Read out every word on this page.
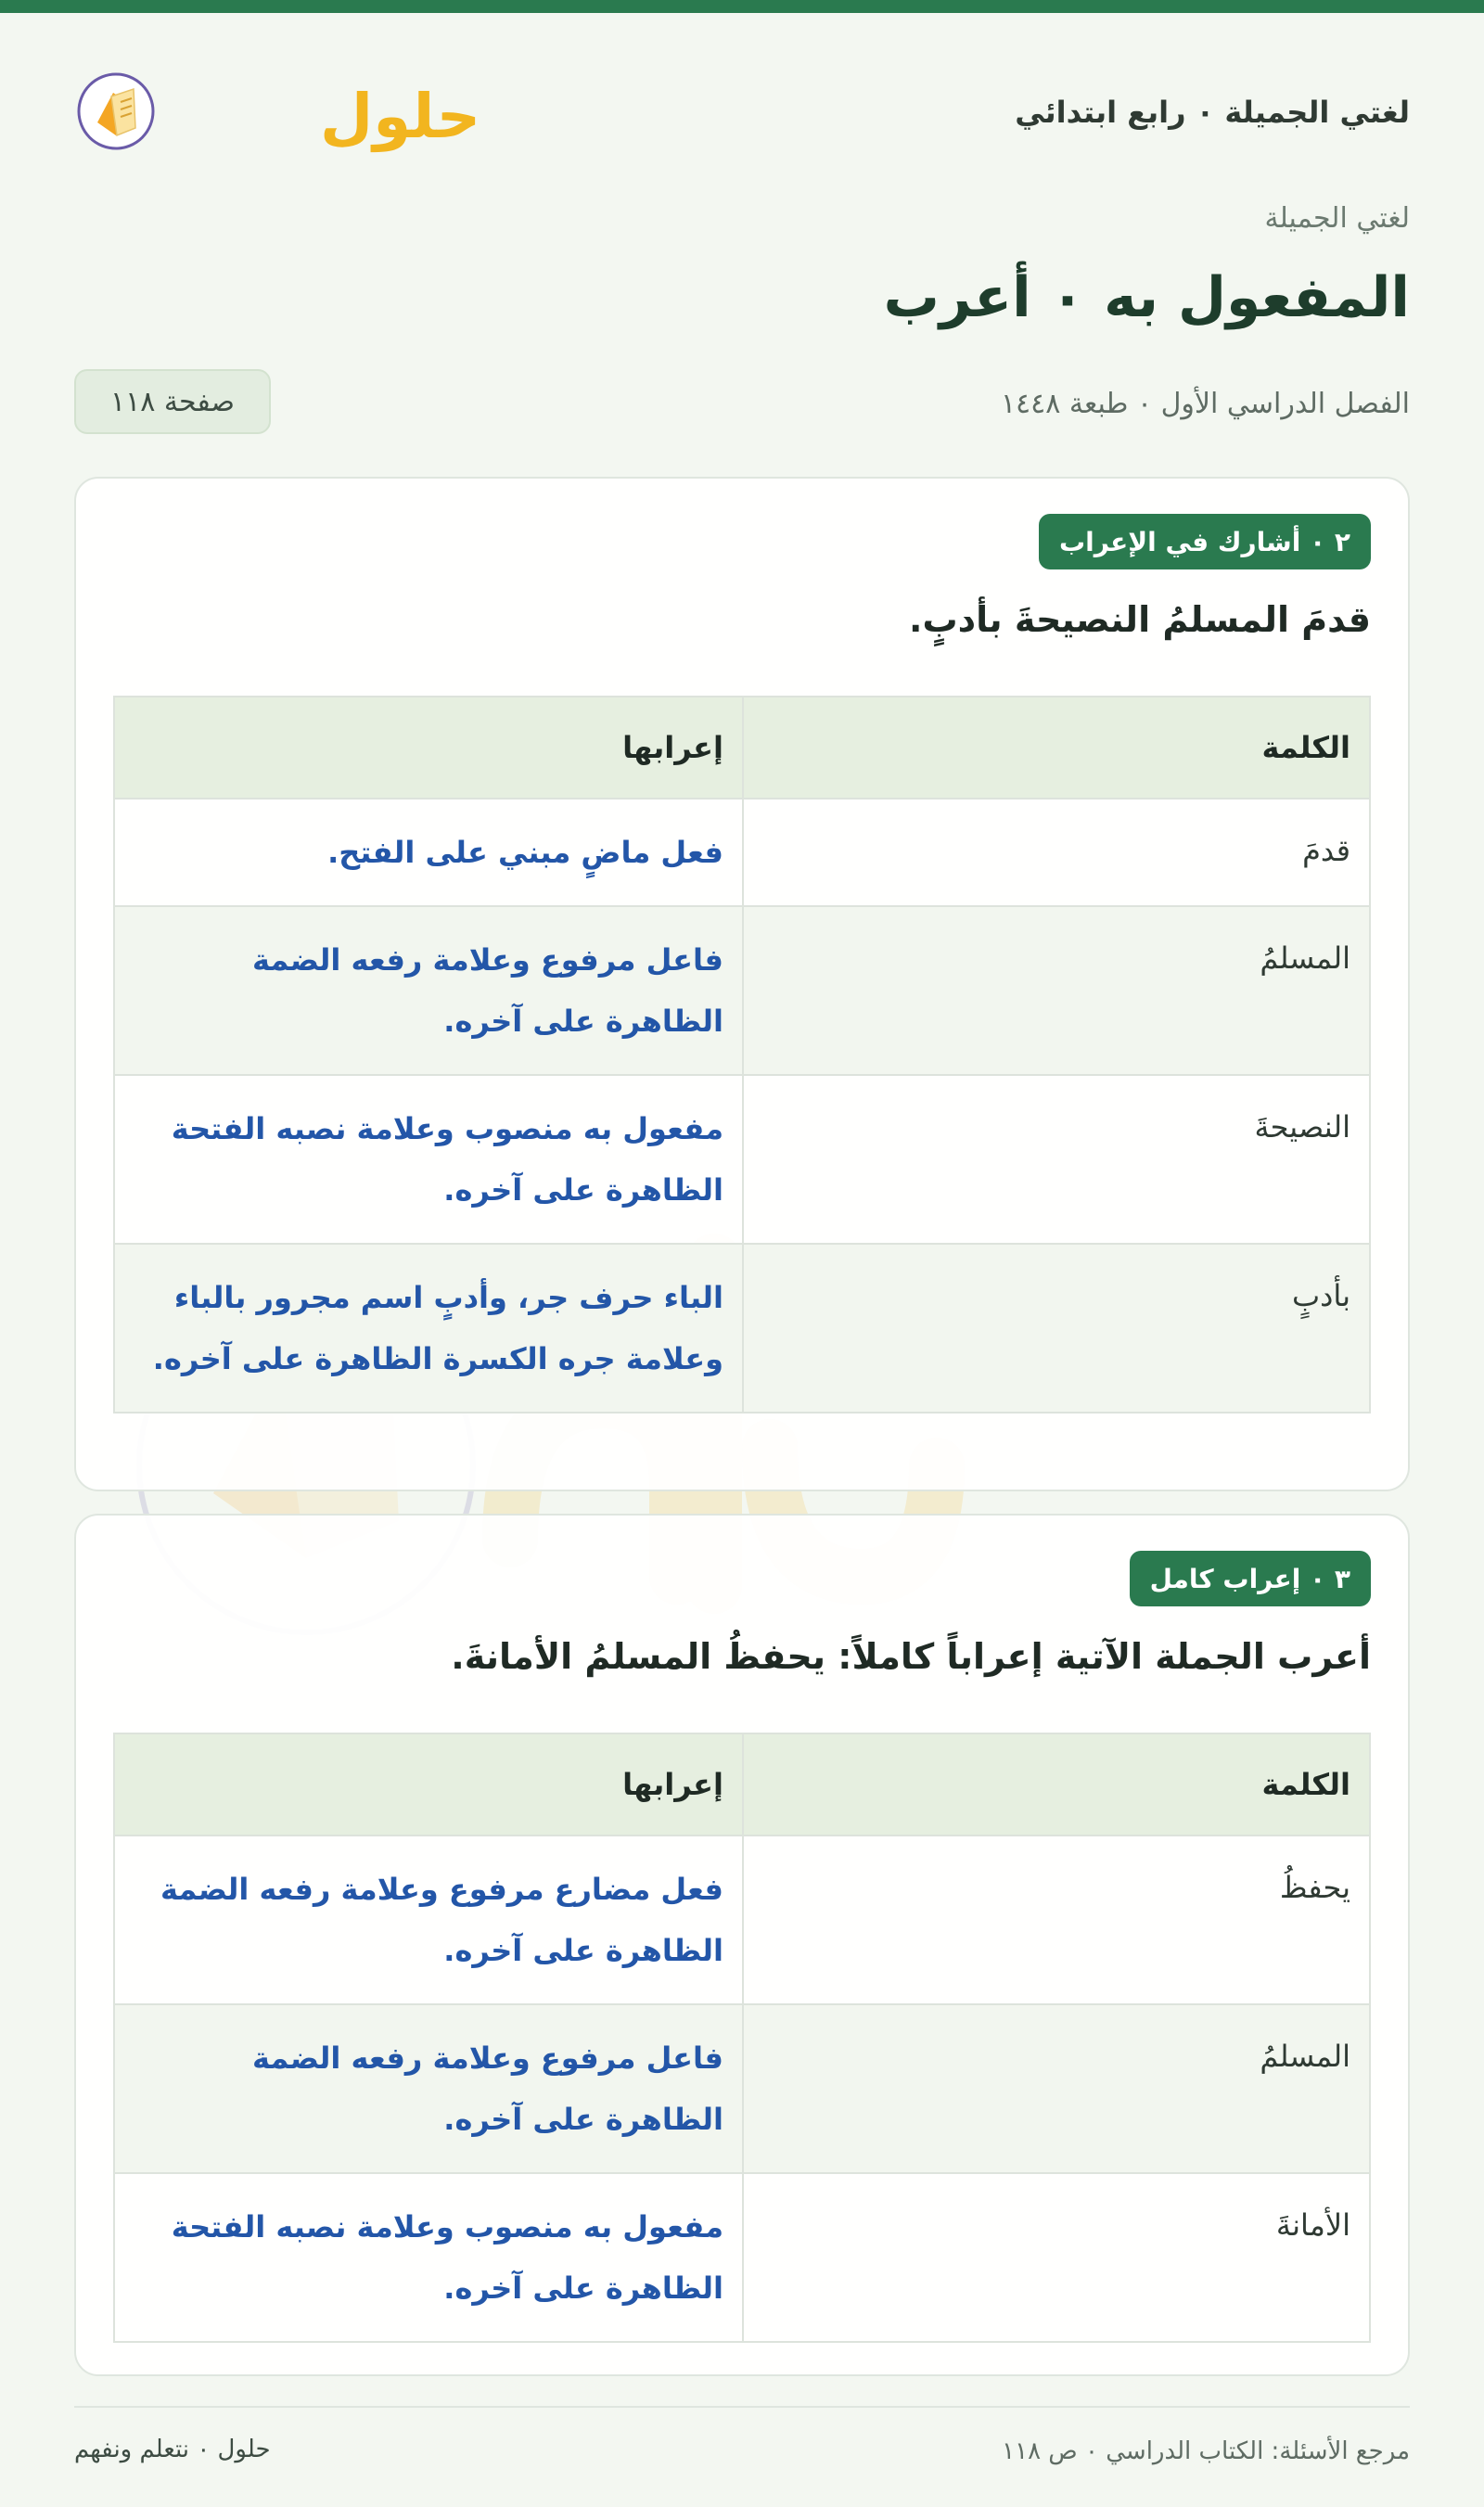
لغتي الجميلة ٠ رابع ابتدائي
حلول
لغتي الجميلة
المفعول به ٠ أعرب
الفصل الدراسي الأول ٠ طبعة ١٤٤٨
صفحة ١١٨
٢ ٠ أشارك في الإعراب
قدمَ المسلمُ النصيحةَ بأدبٍ.
الكلمة	إعرابها
قدمَ	فعل ماضٍ مبني على الفتح.
المسلمُ	فاعل مرفوع وعلامة رفعه الضمة الظاهرة على آخره.
النصيحةَ	مفعول به منصوب وعلامة نصبه الفتحة الظاهرة على آخره.
بأدبٍ	الباء حرف جر، وأدبٍ اسم مجرور بالباء وعلامة جره الكسرة الظاهرة على آخره.
٣ ٠ إعراب كامل
أعرب الجملة الآتية إعراباً كاملاً: يحفظُ المسلمُ الأمانةَ.
الكلمة	إعرابها
يحفظُ	فعل مضارع مرفوع وعلامة رفعه الضمة الظاهرة على آخره.
المسلمُ	فاعل مرفوع وعلامة رفعه الضمة الظاهرة على آخره.
الأمانةَ	مفعول به منصوب وعلامة نصبه الفتحة الظاهرة على آخره.
مرجع الأسئلة: الكتاب الدراسي ٠ ص ١١٨
حلول ٠ نتعلم ونفهم
